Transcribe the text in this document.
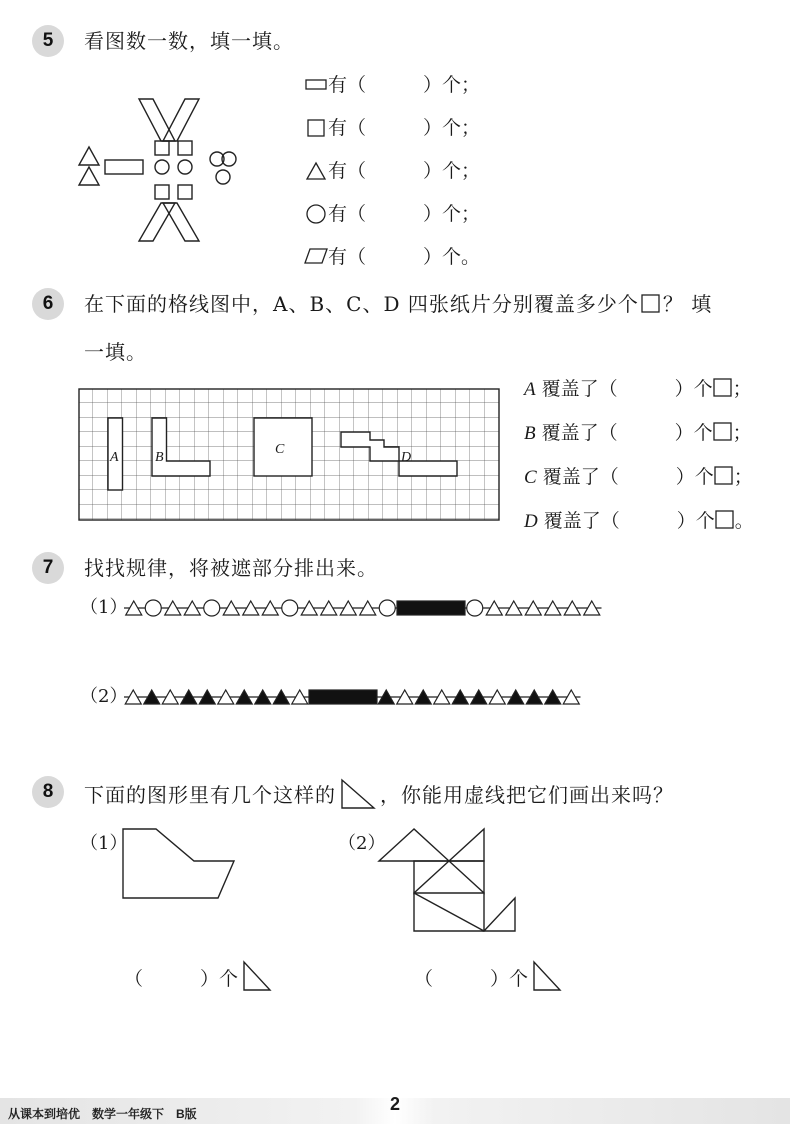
5	看图数一数，填一填。
有（　　　）个；
有（　　　）个；
有（　　　）个；
有（　　　）个；
有（　　　）个。
6	在下面的格线图中，A、B、C、D 四张纸片分别覆盖多少个 ？ 填
一填。
A	B
C
D
A 覆盖了（　　　）个 ；
B 覆盖了（　　　）个 ；
C 覆盖了（　　　）个 ；
D 覆盖了（　　　）个 。
7	找找规律，将被遮部分排出来。
（1）
（2）
8	下面的图形里有几个这样的 ，你能用虚线把它们画出来吗？
（1）	（2）
（　　　）个	（　　　）个
从课本到培优　数学一年级下　B版	2
